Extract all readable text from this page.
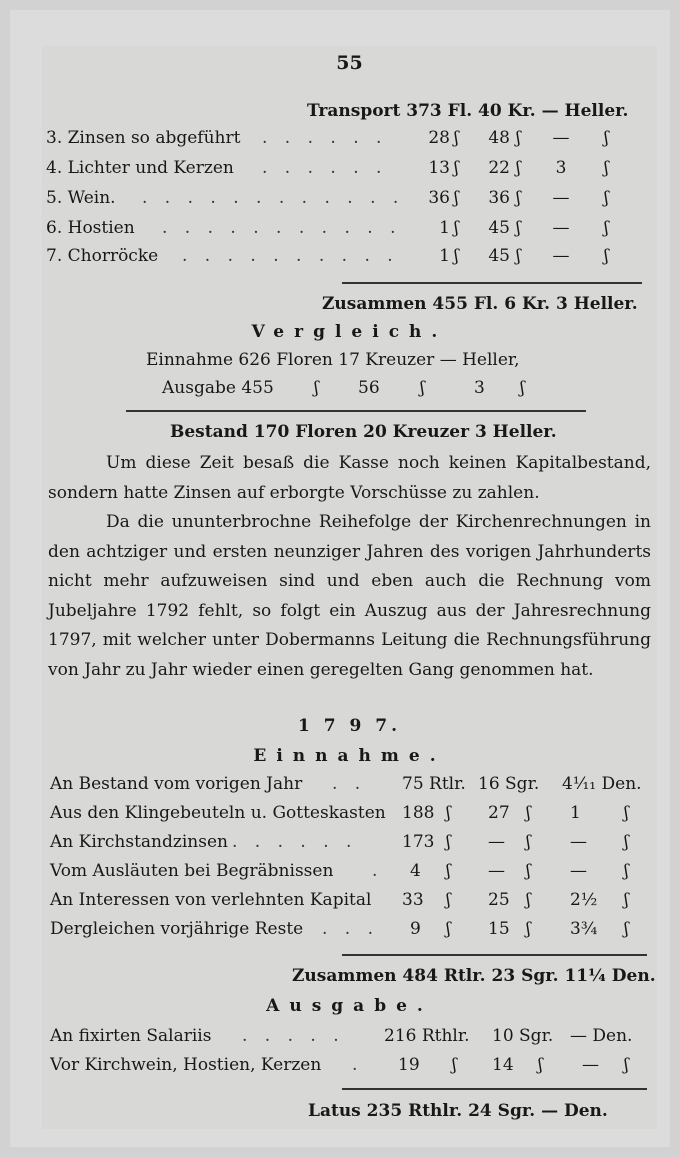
55
Transport 373 Fl. 40 Kr. — Heller.
3. Zinsen so abgeführt . . . . . .	28 ʃ	48 ʃ	—	ʃ
4. Lichter und Kerzen . . . . . .	13 ʃ	22 ʃ	3	ʃ
5. Wein. . . . . . . . . . . . .	36 ʃ	36 ʃ	—	ʃ
6. Hostien . . . . . . . . . . .	1 ʃ	45 ʃ	—	ʃ
7. Chorröcke . . . . . . . . . .	1 ʃ	45 ʃ	—	ʃ
Zusammen 455 Fl. 6 Kr. 3 Heller.
Vergleich.
Einnahme 626 Floren 17 Kreuzer — Heller,
Ausgabe 455 ʃ 56 ʃ	3 ʃ
Bestand 170 Floren 20 Kreuzer 3 Heller.
Um diese Zeit besaß die Kasse noch keinen Kapitalbestand, sondern hatte Zinsen auf erborgte Vorschüsse zu zahlen.
Da die ununterbrochne Reihefolge der Kirchenrechnungen in den achtziger und ersten neunziger Jahren des vorigen Jahrhunderts nicht mehr aufzuweisen sind und eben auch die Rechnung vom Jubeljahre 1792 fehlt, so folgt ein Auszug aus der Jahresrechnung 1797, mit welcher unter Dobermanns Leitung die Rechnungsführung von Jahr zu Jahr wieder einen geregelten Gang genommen hat.
1 7 9 7.
Einnahme.
An Bestand vom vorigen Jahr . . 75 Rtlr. 16 Sgr. 4¹⁄₁₁ Den.
Aus den Klingebeuteln u. Gotteskasten 188 ʃ 27 ʃ 1	ʃ
An Kirchstandzinsen . . . . . .	173 ʃ — ʃ — ʃ
Vom Ausläuten bei Begräbnissen . 4 ʃ — ʃ — ʃ
An Interessen von verlehnten Kapital 33 ʃ 25 ʃ 2½ ʃ
Dergleichen vorjährige Reste . . . 9 ʃ 15 ʃ 3¾ ʃ
Zusammen 484 Rtlr. 23 Sgr. 11¼ Den.
Ausgabe.
An fixirten Salariis . . . . . 216 Rthlr. 10 Sgr. — Den.
Vor Kirchwein, Hostien, Kerzen . 19 ʃ 14 ʃ — ʃ
Latus 235 Rthlr. 24 Sgr. — Den.
